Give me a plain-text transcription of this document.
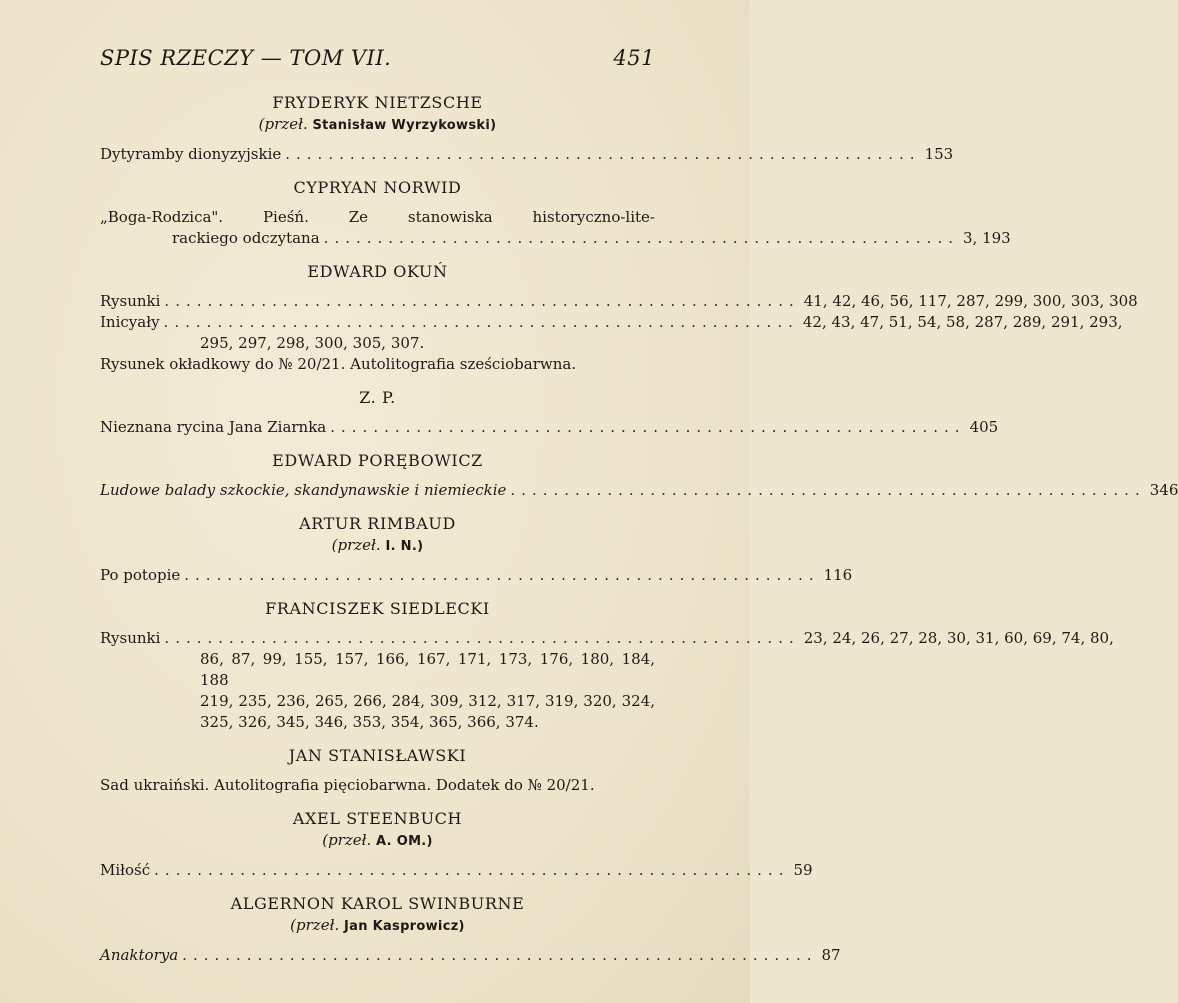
SPIS RZECZY — TOM VII.	451

FRYDERYK NIETZSCHE

(przeł. Stanisław Wyrzykowski)

Dytyramby dionyzyjskie ........................................................... 153

CYPRYAN NORWID

„Boga-Rodzica". Pieśń. Ze stanowiska historyczno-lite-

rackiego odczytana ........................................................... 3, 193

EDWARD OKUŃ

Rysunki ........................................................... 41, 42, 46, 56, 117, 287, 299, 300, 303, 308
Inicyały ........................................................... 42, 43, 47, 51, 54, 58, 287, 289, 291, 293,

295, 297, 298, 300, 305, 307.

Rysunek okładkowy do № 20/21. Autolitografia sześciobarwna.

Z. P.

Nieznana rycina Jana Ziarnka ........................................................... 405

EDWARD PORĘBOWICZ

Ludowe balady szkockie, skandynawskie i niemieckie ........................................................... 346

ARTUR RIMBAUD

(przeł. I. N.)

Po potopie ........................................................... 116

FRANCISZEK SIEDLECKI

Rysunki ........................................................... 23, 24, 26, 27, 28, 30, 31, 60, 69, 74, 80,

86, 87, 99, 155, 157, 166, 167, 171, 173, 176, 180, 184, 188

219, 235, 236, 265, 266, 284, 309, 312, 317, 319, 320, 324,

325, 326, 345, 346, 353, 354, 365, 366, 374.

JAN STANISŁAWSKI

Sad ukraiński. Autolitografia pięciobarwna. Dodatek do № 20/21.

AXEL STEENBUCH

(przeł. A. OM.)

Miłość ........................................................... 59

ALGERNON KAROL SWINBURNE

(przeł. Jan Kasprowicz)

Anaktorya ........................................................... 87
